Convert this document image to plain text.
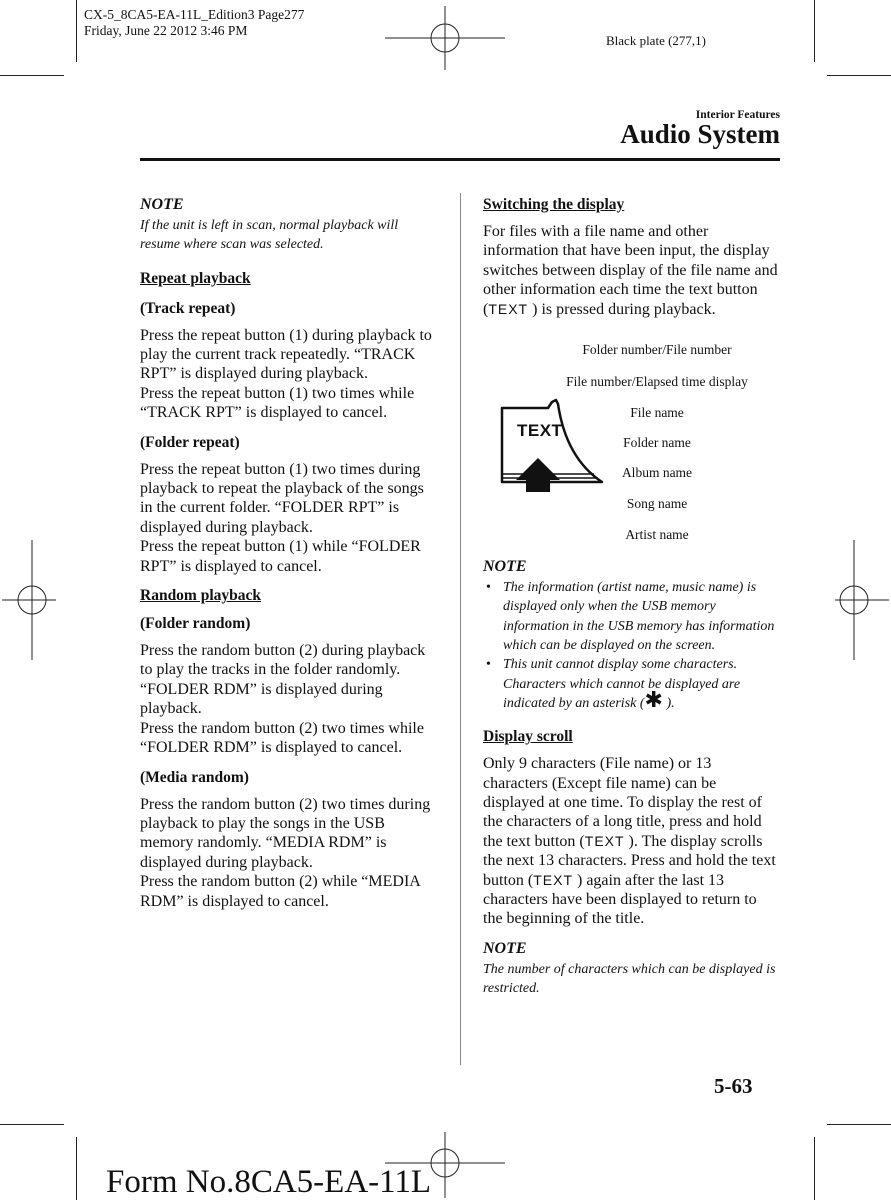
CX-5_8CA5-EA-11L_Edition3 Page277
Friday, June 22 2012 3:46 PM
Black plate (277,1)
Interior Features
Audio System
NOTE

If the unit is left in scan, normal playback will resume where scan was selected.

Repeat playback
(Track repeat)

Press the repeat button (1) during playback to play the current track repeatedly. “TRACK RPT” is displayed during playback.

Press the repeat button (1) two times while “TRACK RPT” is displayed to cancel.

(Folder repeat)

Press the repeat button (1) two times during playback to repeat the playback of the songs in the current folder. “FOLDER RPT” is displayed during playback.

Press the repeat button (1) while “FOLDER RPT” is displayed to cancel.

Random playback
(Folder random)

Press the random button (2) during playback to play the tracks in the folder randomly. “FOLDER RDM” is displayed during playback.

Press the random button (2) two times while “FOLDER RDM” is displayed to cancel.

(Media random)

Press the random button (2) two times during playback to play the songs in the USB memory randomly. “MEDIA RDM” is displayed during playback.

Press the random button (2) while “MEDIA RDM” is displayed to cancel.

Switching the display

For files with a file name and other information that have been input, the display switches between display of the file name and other information each time the text button (TEXT ) is pressed during playback.

Folder number/File number
File number/Elapsed time display
File name
Folder name
Album name
Song name
Artist name
TEXT
NOTE
• The information (artist name, music name) is displayed only when the USB memory information in the USB memory has information which can be displayed on the screen.
• This unit cannot display some characters. Characters which cannot be displayed are indicated by an asterisk (✱ ).
Display scroll

Only 9 characters (File name) or 13 characters (Except file name) can be displayed at one time. To display the rest of the characters of a long title, press and hold the text button (TEXT ). The display scrolls the next 13 characters. Press and hold the text button (TEXT ) again after the last 13 characters have been displayed to return to the beginning of the title.

NOTE

The number of characters which can be displayed is restricted.

5-63
Form No.8CA5-EA-11L
